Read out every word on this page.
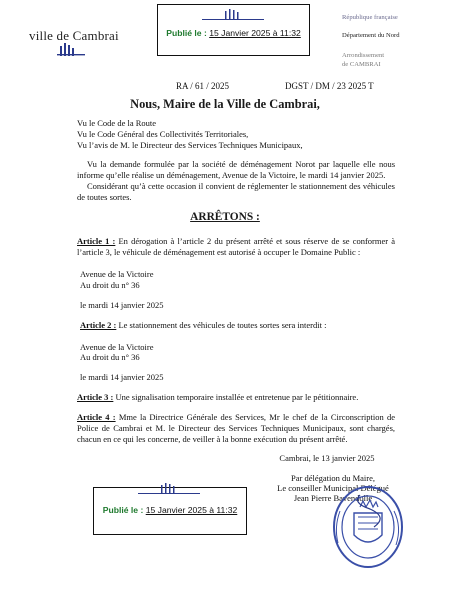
ville de Cambrai	Publié le : 15 Janvier 2025 à 11:32
République française
Département du Nord
Arrondissement
de CAMBRAI
RA / 61 / 2025	DGST / DM / 23 2025 T
Nous, Maire de la Ville de Cambrai,
Vu le Code de la Route
Vu le Code Général des Collectivités Territoriales,
Vu l’avis de M. le Directeur des Services Techniques Municipaux,
Vu la demande formulée par la société de déménagement Norot par laquelle elle nous informe qu’elle réalise un déménagement, Avenue de la Victoire, le mardi 14 janvier 2025.
Considérant qu’à cette occasion il convient de réglementer le stationnement des véhicules de toutes sortes.
ARRÊTONS :
Article 1 : En dérogation à l’article 2 du présent arrêté et sous réserve de se conformer à l’article 3, le véhicule de déménagement est autorisé à occuper le Domaine Public :
Avenue de la Victoire
Au droit du n° 36
le mardi 14 janvier 2025
Article 2 : Le stationnement des véhicules de toutes sortes sera interdit :
Avenue de la Victoire
Au droit du n° 36
le mardi 14 janvier 2025
Article 3 : Une signalisation temporaire installée et entretenue par le pétitionnaire.
Article 4 : Mme la Directrice Générale des Services, Mr le chef de la Circonscription de Police de Cambrai et M. le Directeur des Services Techniques Municipaux, sont chargés, chacun en ce qui les concerne, de veiller à la bonne exécution du présent arrêté.
Cambrai, le 13 janvier 2025
Par délégation du Maire,
Le conseiller Municipal Délégué
Jean Pierre Bavendolle
Publié le : 15 Janvier 2025 à 11:32
